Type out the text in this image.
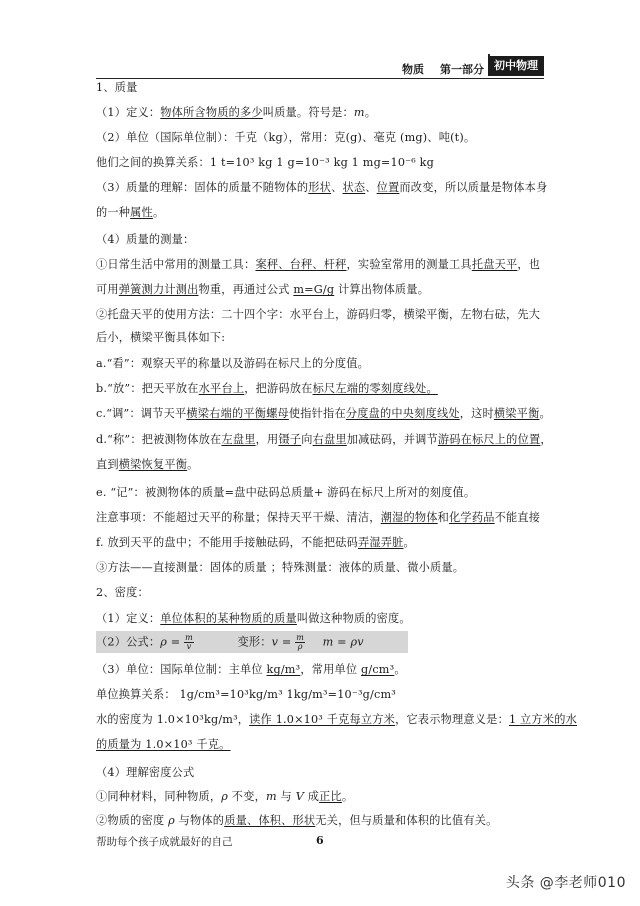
物质 第一部分 初中物理
1、质量
（1）定义：物体所含物质的多少叫质量。符号是：m。
（2）单位（国际单位制）：千克（kg），常用：克(g)、毫克 (mg)、吨(t)。
他们之间的换算关系：1 t=10³ kg 1 g=10⁻³ kg 1 mg=10⁻⁶ kg
（3）质量的理解：固体的质量不随物体的形状、状态、位置而改变，所以质量是物体本身
的一种属性。
（4）质量的测量：
①日常生活中常用的测量工具：案秤、台秤、杆秤，实验室常用的测量工具托盘天平，也
可用弹簧测力计测出物重，再通过公式 m=G/g 计算出物体质量。
②托盘天平的使用方法：二十四个字：水平台上，游码归零，横梁平衡，左物右砝，先大
后小，横梁平衡具体如下:
a.“看”：观察天平的称量以及游码在标尺上的分度值。
b.“放”：把天平放在水平台上，把游码放在标尺左端的零刻度线处。
c.“调”：调节天平横梁右端的平衡螺母使指针指在分度盘的中央刻度线处，这时横梁平衡。
d.“称”：把被测物体放在左盘里，用镊子向右盘里加减砝码，并调节游码在标尺上的位置，
直到横梁恢复平衡。
e. “记”：被测物体的质量=盘中砝码总质量+ 游码在标尺上所对的刻度值。
注意事项：不能超过天平的称量；保持天平干燥、清洁，潮湿的物体和化学药品不能直接
f. 放到天平的盘中；不能用手接触砝码，不能把砝码弄湿弄脏。
③方法——直接测量：固体的质量 ；特殊测量：液体的质量、微小质量。
2、密度：
（1）定义：单位体积的某种物质的质量叫做这种物质的密度。
（2）公式：$\rho = \frac{m}{v}$	变形：$v = \frac{m}{\rho}$ m = ρv
（3）单位：国际单位制：主单位 kg/m³，常用单位 g/cm³。
单位换算关系： 1g/cm³=10³kg/m³ 1kg/m³=10⁻³g/cm³
水的密度为 1.0×10³kg/m³，读作 1.0×10³ 千克每立方米，它表示物理意义是：1 立方米的水
的质量为 1.0×10³ 千克。
（4）理解密度公式
①同种材料，同种物质，ρ 不变，m 与 V 成正比。
②物质的密度 ρ 与物体的质量、体积、形状无关，但与质量和体积的比值有关。
帮助每个孩子成就最好的自己	6
头条 @李老师010
